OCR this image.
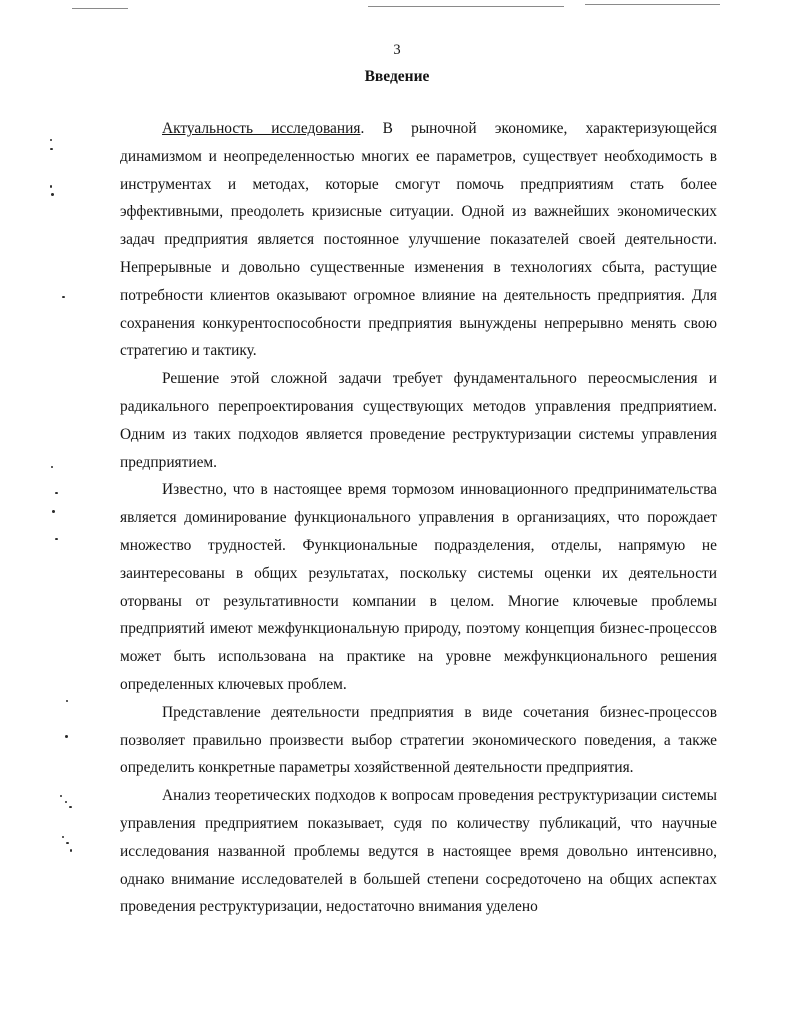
3
Введение

Актуальность исследования. В рыночной экономике, характеризующейся динамизмом и неопределенностью многих ее параметров, существует необходимость в инструментах и методах, которые смогут помочь предприятиям стать более эффективными, преодолеть кризисные ситуации. Одной из важнейших экономических задач предприятия является постоянное улучшение показателей своей деятельности. Непрерывные и довольно существенные изменения в технологиях сбыта, растущие потребности клиентов оказывают огромное влияние на деятельность предприятия. Для сохранения конкурентоспособности предприятия вынуждены непрерывно менять свою стратегию и тактику.

Решение этой сложной задачи требует фундаментального переосмысления и радикального перепроектирования существующих методов управления предприятием. Одним из таких подходов является проведение реструктуризации системы управления предприятием.

Известно, что в настоящее время тормозом инновационного предпринимательства является доминирование функционального управления в организациях, что порождает множество трудностей. Функциональные подразделения, отделы, напрямую не заинтересованы в общих результатах, поскольку системы оценки их деятельности оторваны от результативности компании в целом. Многие ключевые проблемы предприятий имеют межфункциональную природу, поэтому концепция бизнес-процессов может быть использована на практике на уровне межфункционального решения определенных ключевых проблем.

Представление деятельности предприятия в виде сочетания бизнес-процессов позволяет правильно произвести выбор стратегии экономического поведения, а также определить конкретные параметры хозяйственной деятельности предприятия.

Анализ теоретических подходов к вопросам проведения реструктуризации системы управления предприятием показывает, судя по количеству публикаций, что научные исследования названной проблемы ведутся в настоящее время довольно интенсивно, однако внимание исследователей в большей степени сосредоточено на общих аспектах проведения реструктуризации, недостаточно внимания уделено
